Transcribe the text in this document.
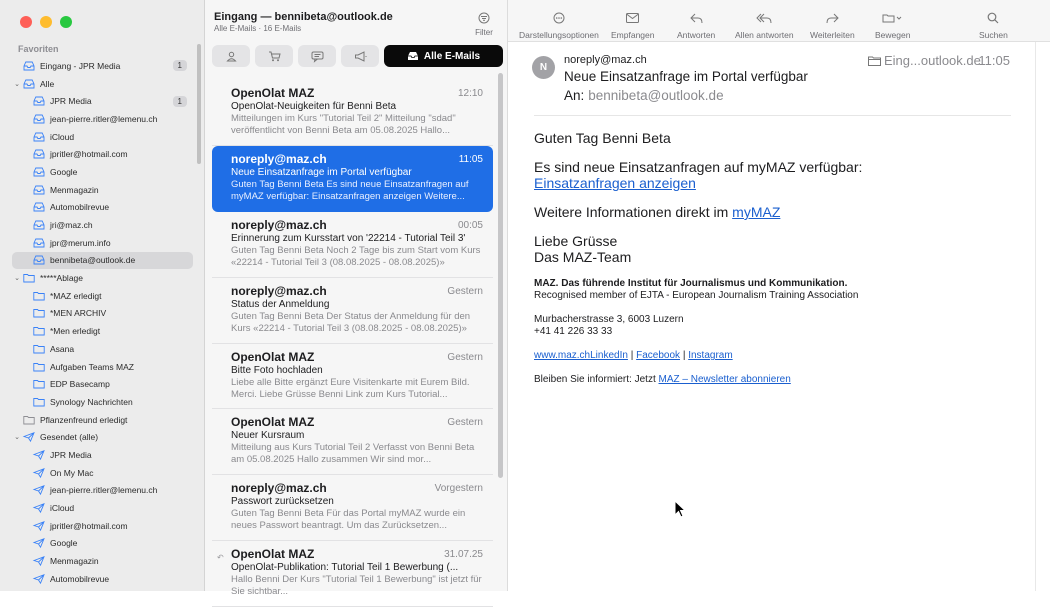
Favoriten
Eingang - JPR Media	1
⌄ Alle
JPR Media	1
jean-pierre.ritler@lemenu.ch
iCloud
jpritler@hotmail.com
Google
Menmagazin
Automobilrevue
jri@maz.ch
jpr@merum.info
bennibeta@outlook.de
⌄ *****Ablage
*MAZ erledigt
*MEN ARCHIV
*Men erledigt
Asana
Aufgaben Teams MAZ
EDP Basecamp
Synology Nachrichten
Pflanzenfreund erledigt
⌄ Gesendet (alle)
JPR Media
On My Mac
jean-pierre.ritler@lemenu.ch
iCloud
jpritler@hotmail.com
Google
Menmagazin
Automobilrevue
Eingang — bennibeta@outlook.de
Alle E-Mails · 16 E-Mails	Filter
Alle E-Mails
OpenOlat MAZ	12:10
OpenOlat-Neuigkeiten für Benni Beta
Mitteilungen im Kurs "Tutorial Teil 2" Mitteilung "sdad" veröffentlicht von Benni Beta am 05.08.2025 Hallo...
noreply@maz.ch	11:05
Neue Einsatzanfrage im Portal verfügbar
Guten Tag Benni Beta Es sind neue Einsatzanfragen auf myMAZ verfügbar: Einsatzanfragen anzeigen Weitere...
noreply@maz.ch	00:05
Erinnerung zum Kursstart von '22214 - Tutorial Teil 3'
Guten Tag Benni Beta Noch 2 Tage bis zum Start vom Kurs «22214 - Tutorial Teil 3 (08.08.2025 - 08.08.2025)»
noreply@maz.ch	Gestern
Status der Anmeldung
Guten Tag Benni Beta Der Status der Anmeldung für den Kurs «22214 - Tutorial Teil 3 (08.08.2025 - 08.08.2025)»
OpenOlat MAZ	Gestern
Bitte Foto hochladen
Liebe alle Bitte ergänzt Eure Visitenkarte mit Eurem Bild. Merci. Liebe Grüsse Benni Link zum Kurs Tutorial...
OpenOlat MAZ	Gestern
Neuer Kursraum
Mitteilung aus Kurs Tutorial Teil 2 Verfasst von Benni Beta am 05.08.2025 Hallo zusammen Wir sind mor...
noreply@maz.ch	Vorgestern
Passwort zurücksetzen
Guten Tag Benni Beta Für das Portal myMAZ wurde ein neues Passwort beantragt. Um das Zurücksetzen...
↶ OpenOlat MAZ	31.07.25
OpenOlat-Publikation: Tutorial Teil 1 Bewerbung (...
Hallo Benni Der Kurs "Tutorial Teil 1 Bewerbung" ist jetzt für Sie sichtbar...
Darstellungsoptionen Empfangen	Antworten Allen antworten Weiterleiten Bewegen	Suchen
N
noreply@maz.ch
Neue Einsatzanfrage im Portal verfügbar
An: bennibeta@outlook.de
Eing...outlook.de
11:05
Guten Tag Benni Beta
Es sind neue Einsatzanfragen auf myMAZ verfügbar:
Einsatzanfragen anzeigen
Weitere Informationen direkt im myMAZ
Liebe Grüsse
Das MAZ-Team
MAZ. Das führende Institut für Journalismus und Kommunikation.
Recognised member of EJTA - European Journalism Training Association
Murbacherstrasse 3, 6003 Luzern
+41 41 226 33 33
www.maz.chLinkedIn | Facebook | Instagram
Bleiben Sie informiert: Jetzt MAZ – Newsletter abonnieren
